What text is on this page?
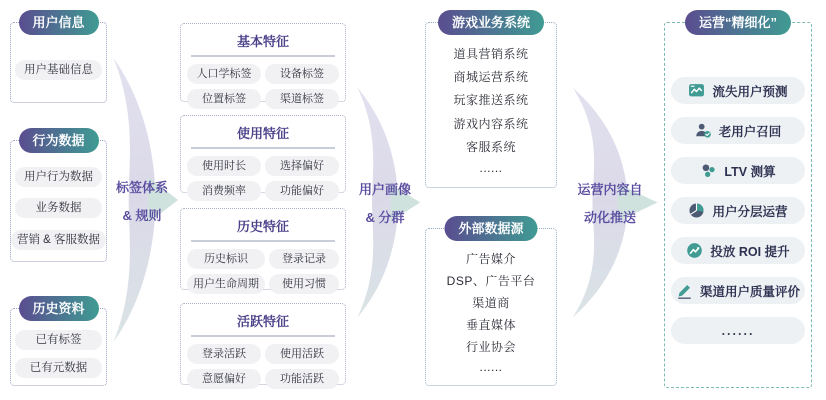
用户信息
用户基础信息
行为数据
用户行为数据
业务数据
营销 & 客服数据
历史资料
已有标签
已有元数据
标签体系
& 规则
基本特征
人口学标签	设备标签
位置标签	渠道标签
使用特征
使用时长	选择偏好
消费频率	功能偏好
历史特征
历史标识	登录记录
用户生命周期	使用习惯
活跃特征
登录活跃	使用活跃
意愿偏好	功能活跃
用户画像
& 分群
游戏业务系统
道具营销系统
商城运营系统
玩家推送系统
游戏内容系统
客服系统
......
外部数据源
广告媒介
DSP、广告平台
渠道商
垂直媒体
行业协会
......
运营内容自
动化推送
运营“精细化”
流失用户预测
老用户召回
LTV 测算
用户分层运营
投放 ROI 提升
渠道用户质量评价
......
